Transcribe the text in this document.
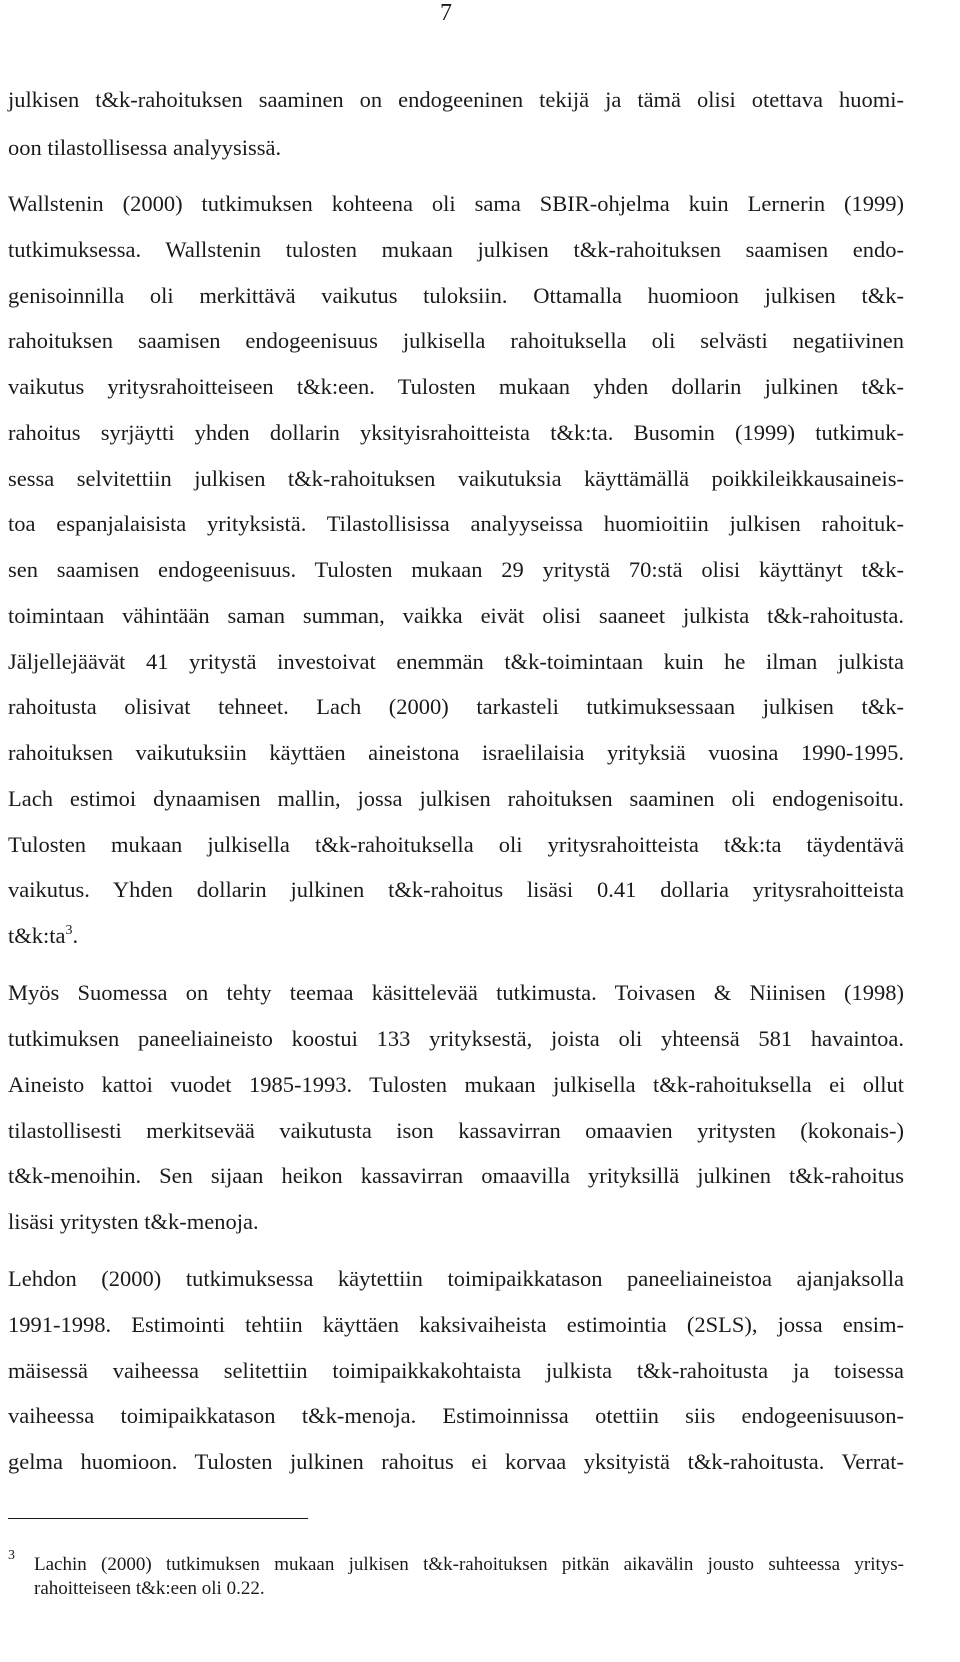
7
julkisen t&k-rahoituksen saaminen on endogeeninen tekijä ja tämä olisi otettava huomi-
oon tilastollisessa analyysissä.
Wallstenin (2000) tutkimuksen kohteena oli sama SBIR-ohjelma kuin Lernerin (1999)
tutkimuksessa. Wallstenin tulosten mukaan julkisen t&k-rahoituksen saamisen endo-
genisoinnilla oli merkittävä vaikutus tuloksiin. Ottamalla huomioon julkisen t&k-
rahoituksen saamisen endogeenisuus julkisella rahoituksella oli selvästi negatiivinen
vaikutus yritysrahoitteiseen t&k:een. Tulosten mukaan yhden dollarin julkinen t&k-
rahoitus syrjäytti yhden dollarin yksityisrahoitteista t&k:ta. Busomin (1999) tutkimuk-
sessa selvitettiin julkisen t&k-rahoituksen vaikutuksia käyttämällä poikkileikkausaineis-
toa espanjalaisista yrityksistä. Tilastollisissa analyyseissa huomioitiin julkisen rahoituk-
sen saamisen endogeenisuus. Tulosten mukaan 29 yritystä 70:stä olisi käyttänyt t&k-
toimintaan vähintään saman summan, vaikka eivät olisi saaneet julkista t&k-rahoitusta.
Jäljellejäävät 41 yritystä investoivat enemmän t&k-toimintaan kuin he ilman julkista
rahoitusta olisivat tehneet. Lach (2000) tarkasteli tutkimuksessaan julkisen t&k-
rahoituksen vaikutuksiin käyttäen aineistona israelilaisia yrityksiä vuosina 1990-1995.
Lach estimoi dynaamisen mallin, jossa julkisen rahoituksen saaminen oli endogenisoitu.
Tulosten mukaan julkisella t&k-rahoituksella oli yritysrahoitteista t&k:ta täydentävä
vaikutus. Yhden dollarin julkinen t&k-rahoitus lisäsi 0.41 dollaria yritysrahoitteista
t&k:ta$^3$.
Myös Suomessa on tehty teemaa käsittelevää tutkimusta. Toivasen & Niinisen (1998)
tutkimuksen paneeliaineisto koostui 133 yrityksestä, joista oli yhteensä 581 havaintoa.
Aineisto kattoi vuodet 1985-1993. Tulosten mukaan julkisella t&k-rahoituksella ei ollut
tilastollisesti merkitsevää vaikutusta ison kassavirran omaavien yritysten (kokonais-)
t&k-menoihin. Sen sijaan heikon kassavirran omaavilla yrityksillä julkinen t&k-rahoitus
lisäsi yritysten t&k-menoja.
Lehdon (2000) tutkimuksessa käytettiin toimipaikkatason paneeliaineistoa ajanjaksolla
1991-1998. Estimointi tehtiin käyttäen kaksivaiheista estimointia (2SLS), jossa ensim-
mäisessä vaiheessa selitettiin toimipaikkakohtaista julkista t&k-rahoitusta ja toisessa
vaiheessa toimipaikkatason t&k-menoja. Estimoinnissa otettiin siis endogeenisuuson-
gelma huomioon. Tulosten julkinen rahoitus ei korvaa yksityistä t&k-rahoitusta. Verrat-
3 Lachin (2000) tutkimuksen mukaan julkisen t&k-rahoituksen pitkän aikavälin jousto suhteessa yritys-
rahoitteiseen t&k:een oli 0.22.
